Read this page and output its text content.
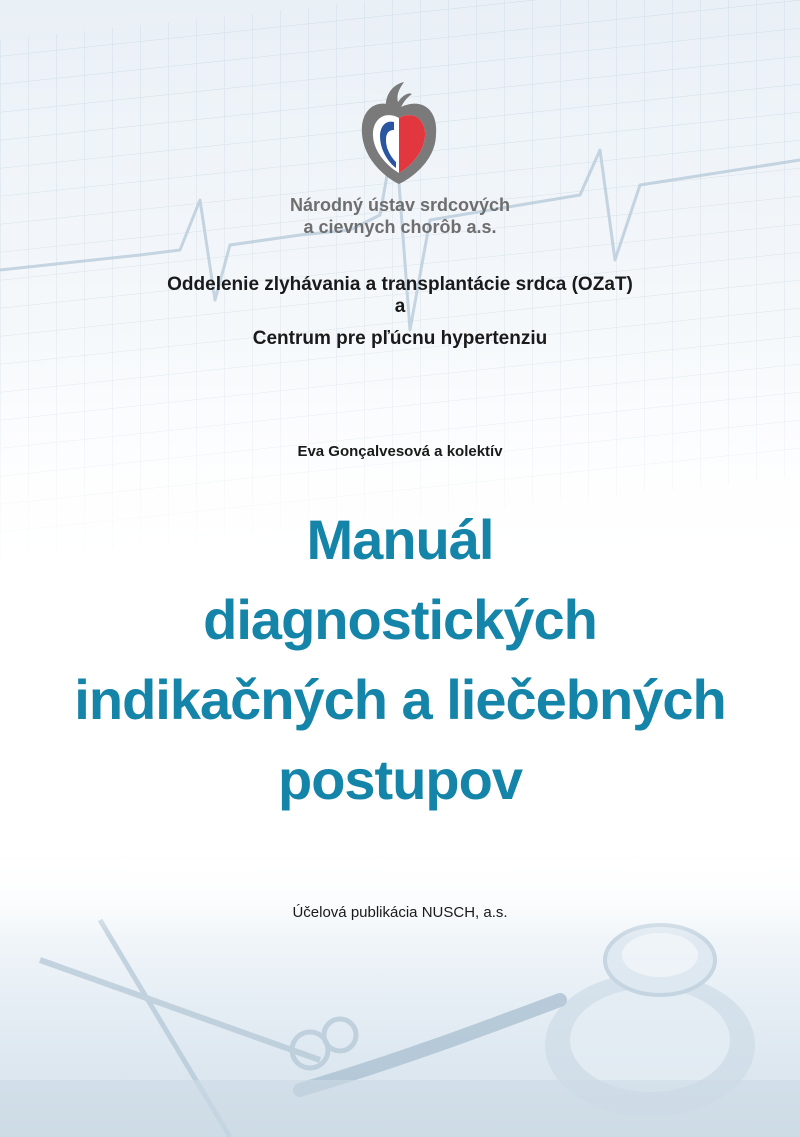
Národný ústav srdcových
a cievnych chorôb a.s.
Oddelenie zlyhávania a transplantácie srdca (OZaT)
a
Centrum pre pľúcnu hypertenziu
Eva Gonçalvesová a kolektív
Manuál
diagnostických
indikačných a liečebných
postupov
Účelová publikácia NUSCH, a.s.
